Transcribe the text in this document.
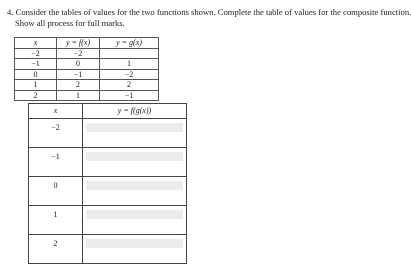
4. Consider the tables of values for the two functions shown. Complete the table of values for the composite function.
Show all process for full marks.
x	y = f(x)	y = g(x)
−2	−2	
−1	0	1
0	−1	−2
1	2	2
2	1	−1
x	y = f(g(x))
−2	

−1	

0	

1	

2	
